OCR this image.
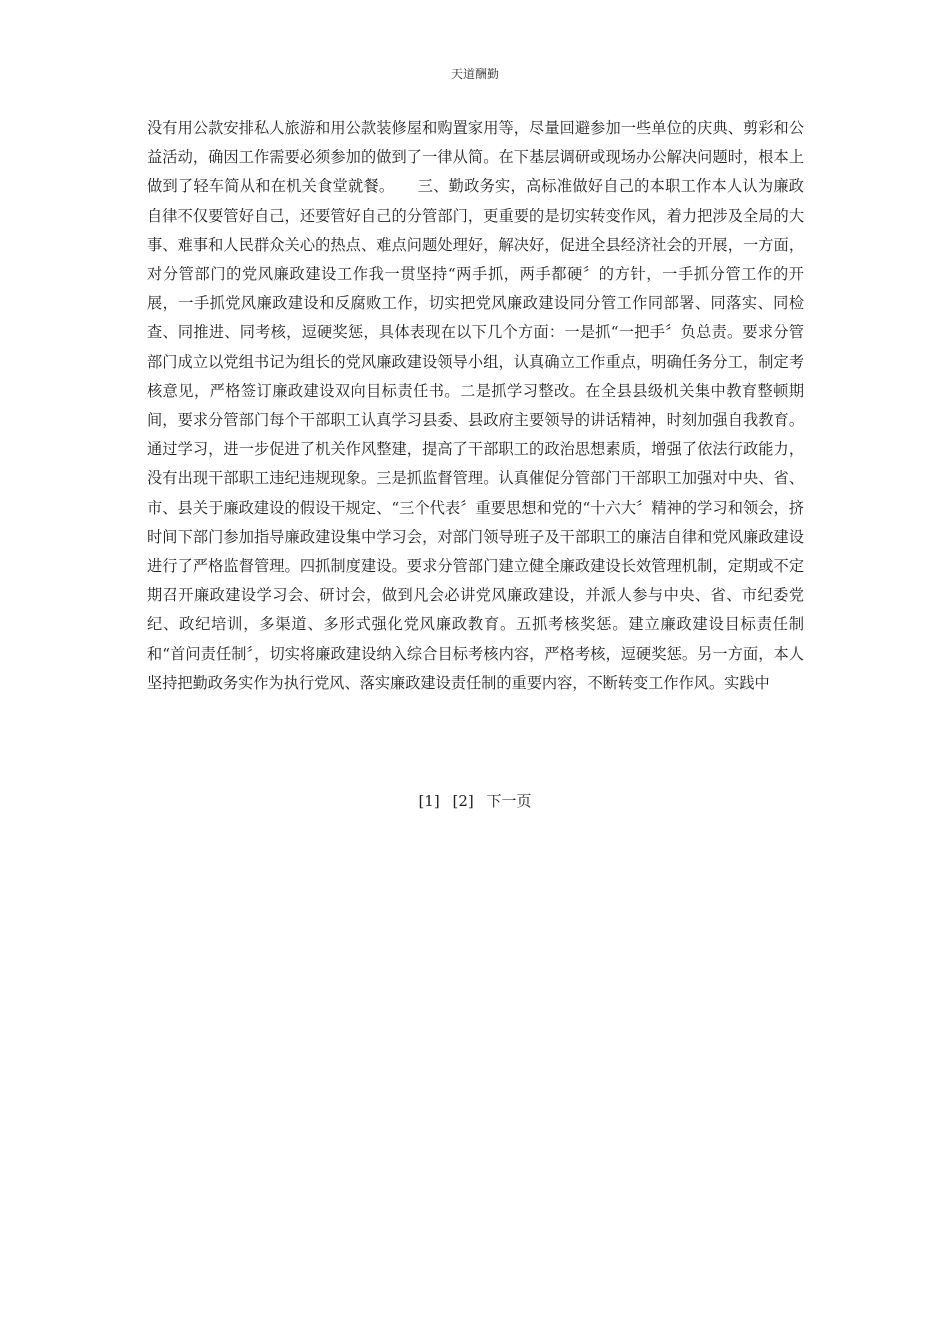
天道酬勤

没有用公款安排私人旅游和用公款装修屋和购置家用等，尽量回避参加一些单位的庆典、剪彩和公益活动，确因工作需要必须参加的做到了一律从简。在下基层调研或现场办公解决问题时，根本上做到了轻车简从和在机关食堂就餐。　　三、勤政务实，高标准做好自己的本职工作本人认为廉政自律不仅要管好自己，还要管好自己的分管部门，更重要的是切实转变作风，着力把涉及全局的大事、难事和人民群众关心的热点、难点问题处理好，解决好，促进全县经济社会的开展，一方面，对分管部门的党风廉政建设工作我一贯坚持“两手抓，两手都硬〞的方针，一手抓分管工作的开展，一手抓党风廉政建设和反腐败工作，切实把党风廉政建设同分管工作同部署、同落实、同检查、同推进、同考核，逗硬奖惩，具体表现在以下几个方面：一是抓“一把手〞负总责。要求分管部门成立以党组书记为组长的党风廉政建设领导小组，认真确立工作重点，明确任务分工，制定考核意见，严格签订廉政建设双向目标责任书。二是抓学习整改。在全县县级机关集中教育整顿期间，要求分管部门每个干部职工认真学习县委、县政府主要领导的讲话精神，时刻加强自我教育。通过学习，进一步促进了机关作风整建，提高了干部职工的政治思想素质，增强了依法行政能力，没有出现干部职工违纪违规现象。三是抓监督管理。认真催促分管部门干部职工加强对中央、省、市、县关于廉政建设的假设干规定、“三个代表〞重要思想和党的“十六大〞精神的学习和领会，挤时间下部门参加指导廉政建设集中学习会，对部门领导班子及干部职工的廉洁自律和党风廉政建设进行了严格监督管理。四抓制度建设。要求分管部门建立健全廉政建设长效管理机制，定期或不定期召开廉政建设学习会、研讨会，做到凡会必讲党风廉政建设，并派人参与中央、省、市纪委党纪、政纪培训，多渠道、多形式强化党风廉政教育。五抓考核奖惩。建立廉政建设目标责任制和“首问责任制〞，切实将廉政建设纳入综合目标考核内容，严格考核，逗硬奖惩。另一方面，本人坚持把勤政务实作为执行党风、落实廉政建设责任制的重要内容，不断转变工作作风。实践中

[1] [2] 下一页
